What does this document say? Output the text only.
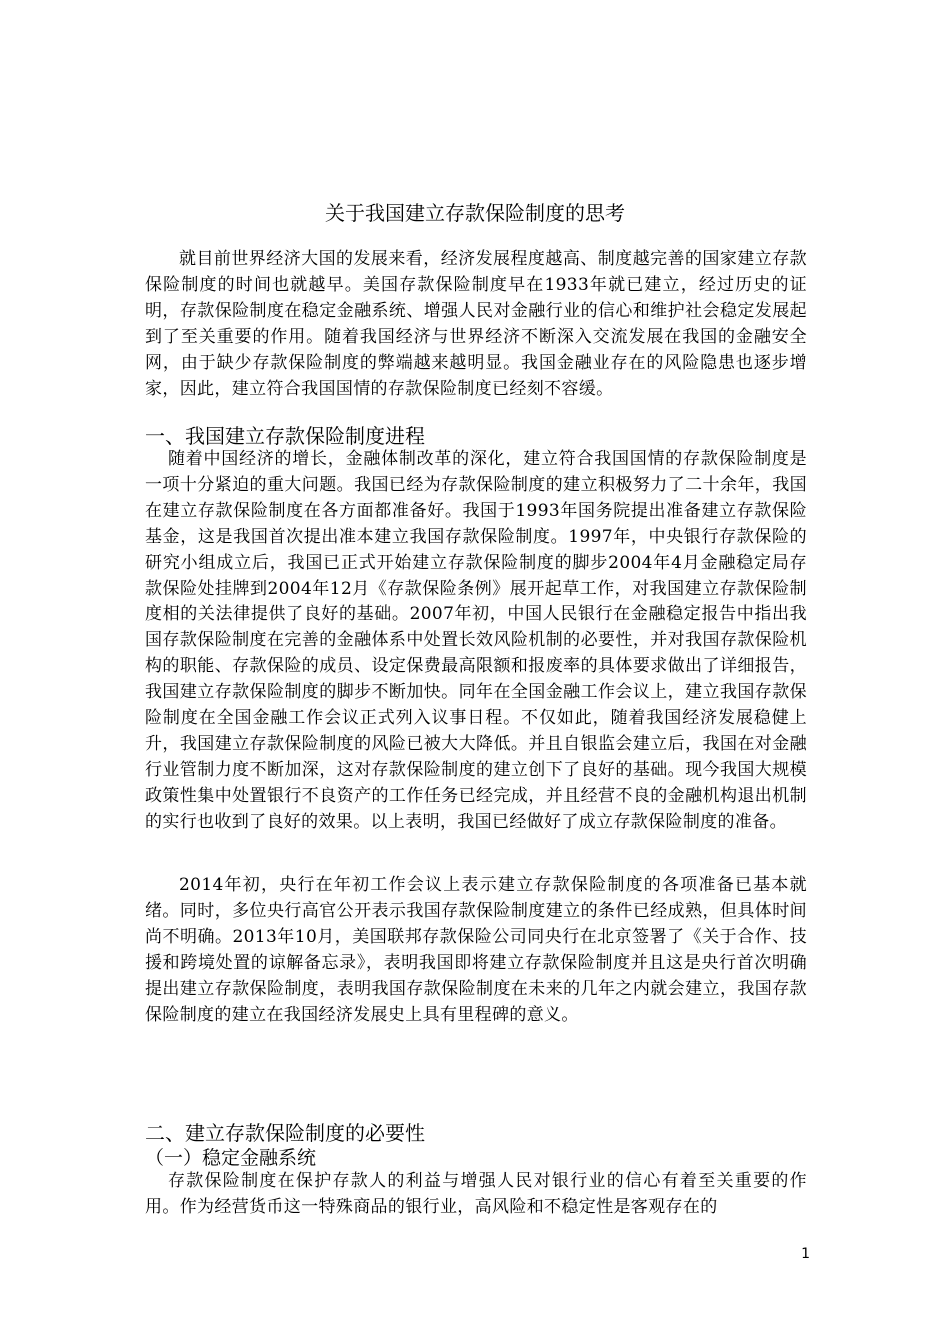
关于我国建立存款保险制度的思考

就目前世界经济大国的发展来看，经济发展程度越高、制度越完善的国家建立存款保险制度的时间也就越早。美国存款保险制度早在1933年就已建立，经过历史的证明，存款保险制度在稳定金融系统、增强人民对金融行业的信心和维护社会稳定发展起到了至关重要的作用。随着我国经济与世界经济不断深入交流发展在我国的金融安全网，由于缺少存款保险制度的弊端越来越明显。我国金融业存在的风险隐患也逐步增家，因此，建立符合我国国情的存款保险制度已经刻不容缓。

一、我国建立存款保险制度进程

随着中国经济的增长，金融体制改革的深化，建立符合我国国情的存款保险制度是一项十分紧迫的重大问题。我国已经为存款保险制度的建立积极努力了二十余年，我国在建立存款保险制度在各方面都准备好。我国于1993年国务院提出准备建立存款保险基金，这是我国首次提出准本建立我国存款保险制度。1997年，中央银行存款保险的研究小组成立后，我国已正式开始建立存款保险制度的脚步2004年4月金融稳定局存款保险处挂牌到2004年12月《存款保险条例》展开起草工作，对我国建立存款保险制度相的关法律提供了良好的基础。2007年初，中国人民银行在金融稳定报告中指出我国存款保险制度在完善的金融体系中处置长效风险机制的必要性，并对我国存款保险机构的职能、存款保险的成员、设定保费最高限额和报废率的具体要求做出了详细报告，我国建立存款保险制度的脚步不断加快。同年在全国金融工作会议上，建立我国存款保险制度在全国金融工作会议正式列入议事日程。不仅如此，随着我国经济发展稳健上升，我国建立存款保险制度的风险已被大大降低。并且自银监会建立后，我国在对金融行业管制力度不断加深，这对存款保险制度的建立创下了良好的基础。现今我国大规模政策性集中处置银行不良资产的工作任务已经完成，并且经营不良的金融机构退出机制的实行也收到了良好的效果。以上表明，我国已经做好了成立存款保险制度的准备。

2014年初，央行在年初工作会议上表示建立存款保险制度的各项准备已基本就绪。同时，多位央行高官公开表示我国存款保险制度建立的条件已经成熟，但具体时间尚不明确。2013年10月，美国联邦存款保险公司同央行在北京签署了《关于合作、技援和跨境处置的谅解备忘录》，表明我国即将建立存款保险制度并且这是央行首次明确提出建立存款保险制度，表明我国存款保险制度在未来的几年之内就会建立，我国存款保险制度的建立在我国经济发展史上具有里程碑的意义。

二、建立存款保险制度的必要性
（一）稳定金融系统

存款保险制度在保护存款人的利益与增强人民对银行业的信心有着至关重要的作用。作为经营货币这一特殊商品的银行业，高风险和不稳定性是客观存在的

1
